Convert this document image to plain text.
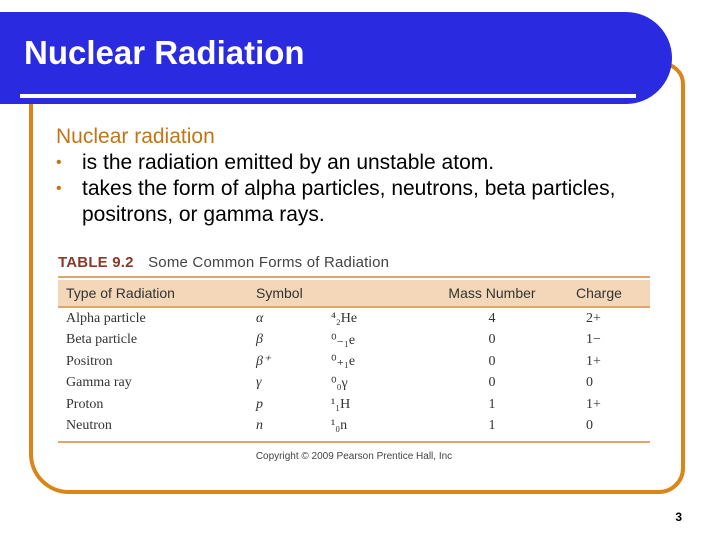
Nuclear Radiation

Nuclear radiation

• is the radiation emitted by an unstable atom.
• takes the form of alpha particles, neutrons, beta particles, positrons, or gamma rays.
TABLE 9.2 Some Common Forms of Radiation
Type of Radiation	Symbol		Mass Number	Charge
Alpha particle	α	⁴₂He	4	2+
Beta particle	β	⁰₋₁e	0	1−
Positron	β⁺	⁰₊₁e	0	1+
Gamma ray	γ	⁰₀γ	0	0
Proton	p	¹₁H	1	1+
Neutron	n	¹₀n	1	0
Copyright © 2009 Pearson Prentice Hall, Inc
3
